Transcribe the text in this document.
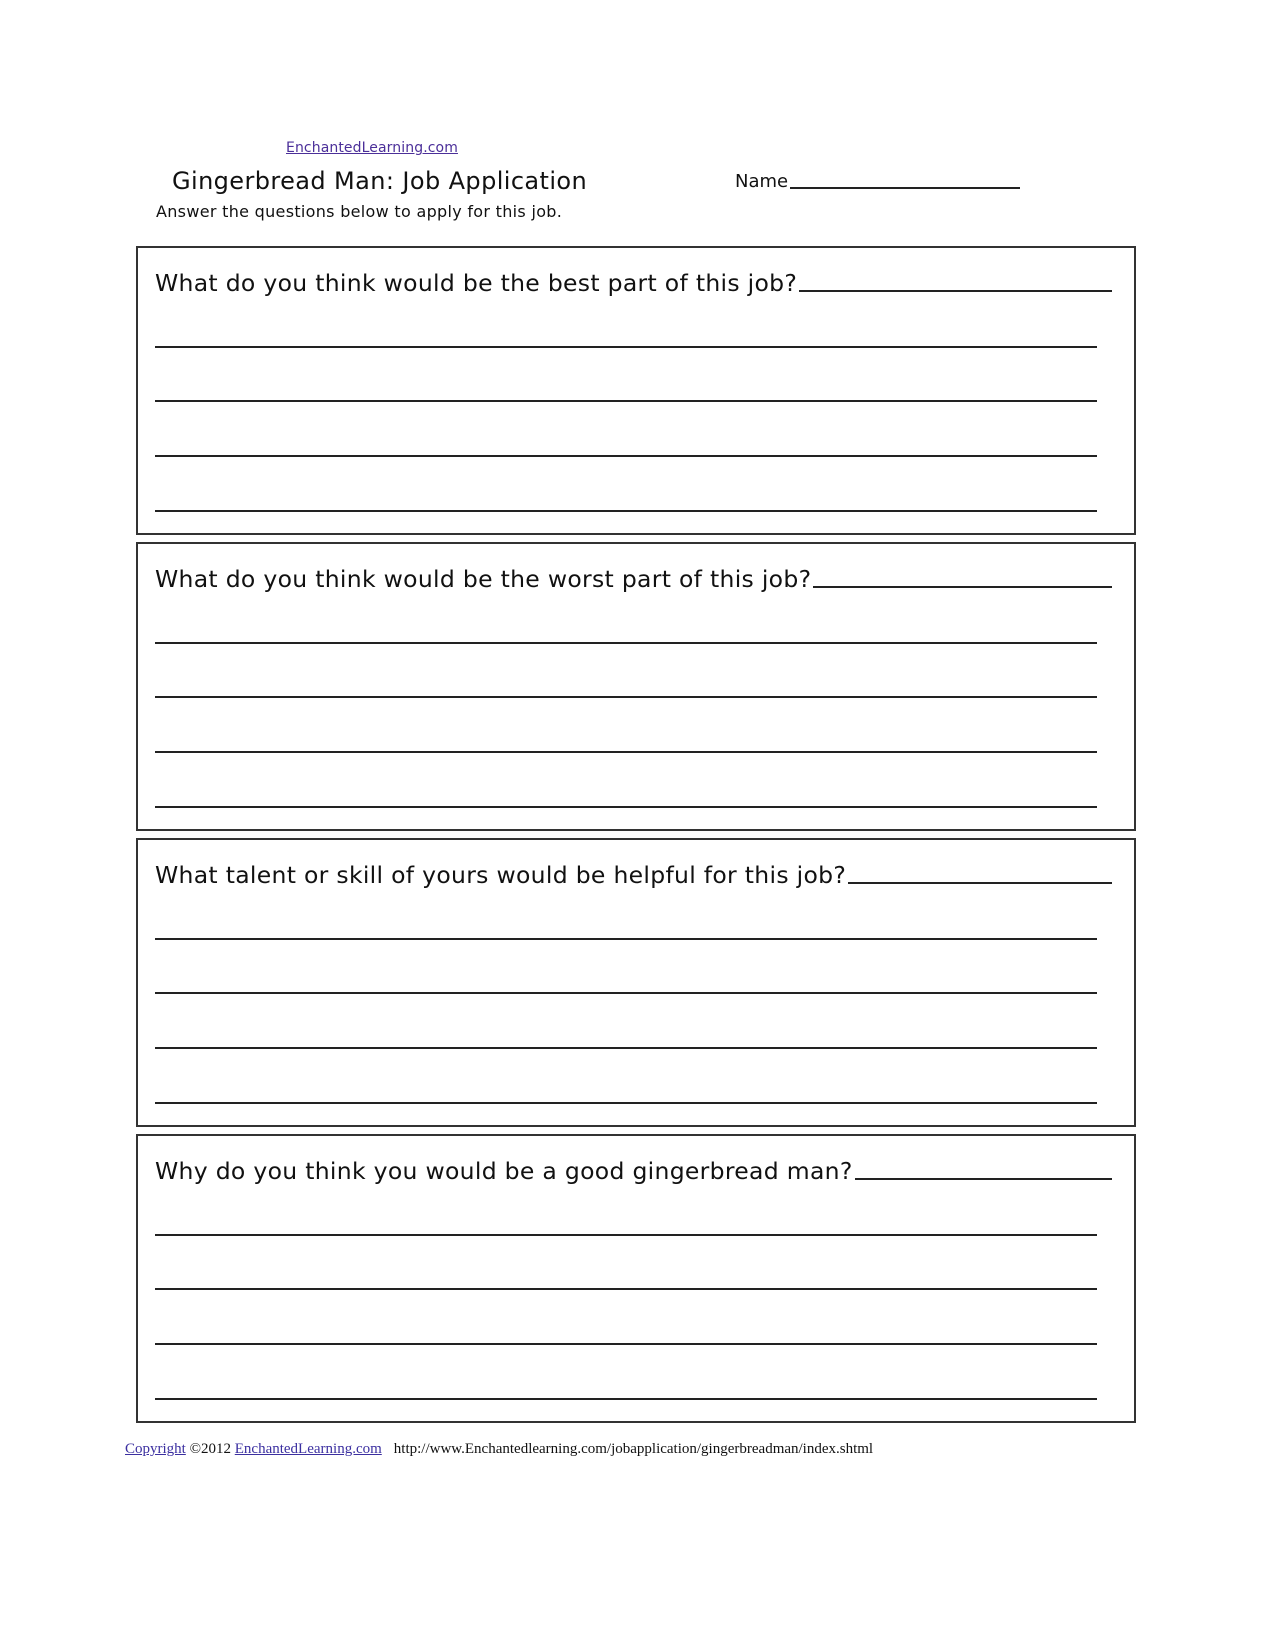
EnchantedLearning.com
Gingerbread Man: Job Application
Answer the questions below to apply for this job.
Name
What do you think would be the best part of this job?
What do you think would be the worst part of this job?
What talent or skill of yours would be helpful for this job?
Why do you think you would be a good gingerbread man?
Copyright ©2012 EnchantedLearning.com http://www.Enchantedlearning.com/jobapplication/gingerbreadman/index.shtml
